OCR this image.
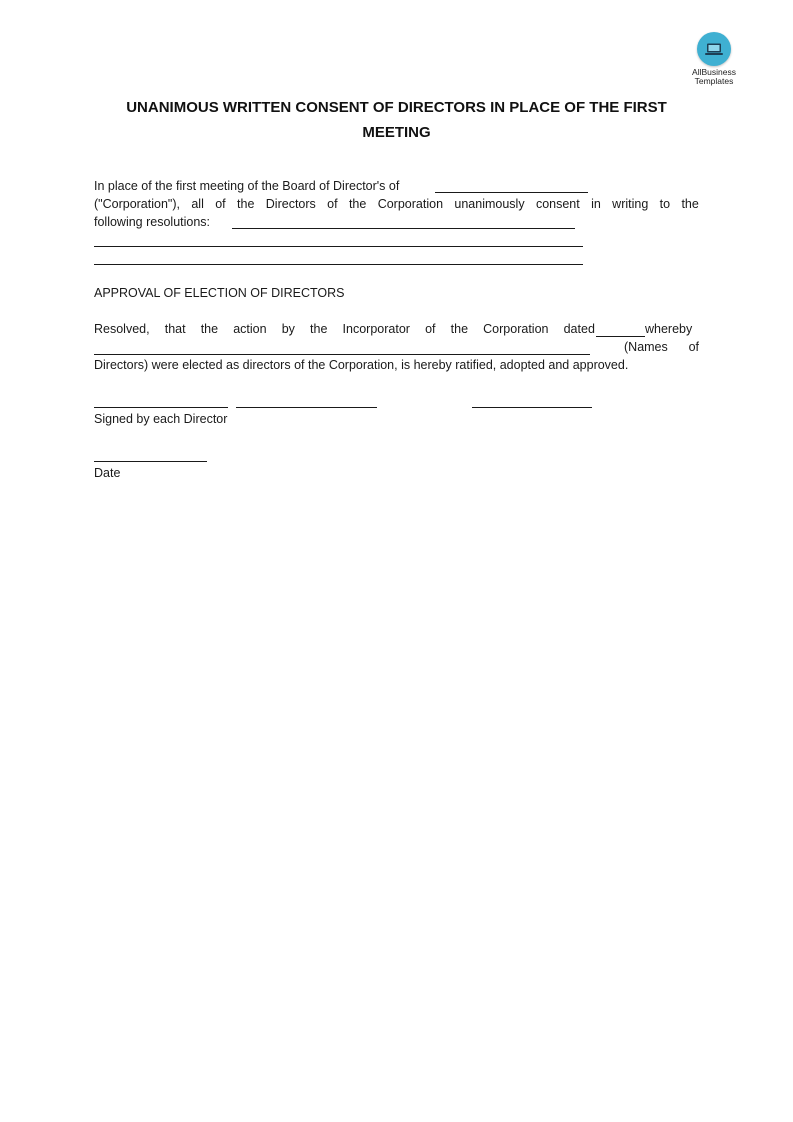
AllBusiness
Templates
UNANIMOUS WRITTEN CONSENT OF DIRECTORS IN PLACE OF THE FIRST
MEETING
In place of the first meeting of the Board of Director's of
("Corporation"), all of the Directors of the Corporation unanimously consent in writing to the
following resolutions:
APPROVAL OF ELECTION OF DIRECTORS
Resolved, that the action by the Incorporator of the Corporation dated	whereby
(Names of
Directors) were elected as directors of the Corporation, is hereby ratified, adopted and approved.
Signed by each Director
Date
